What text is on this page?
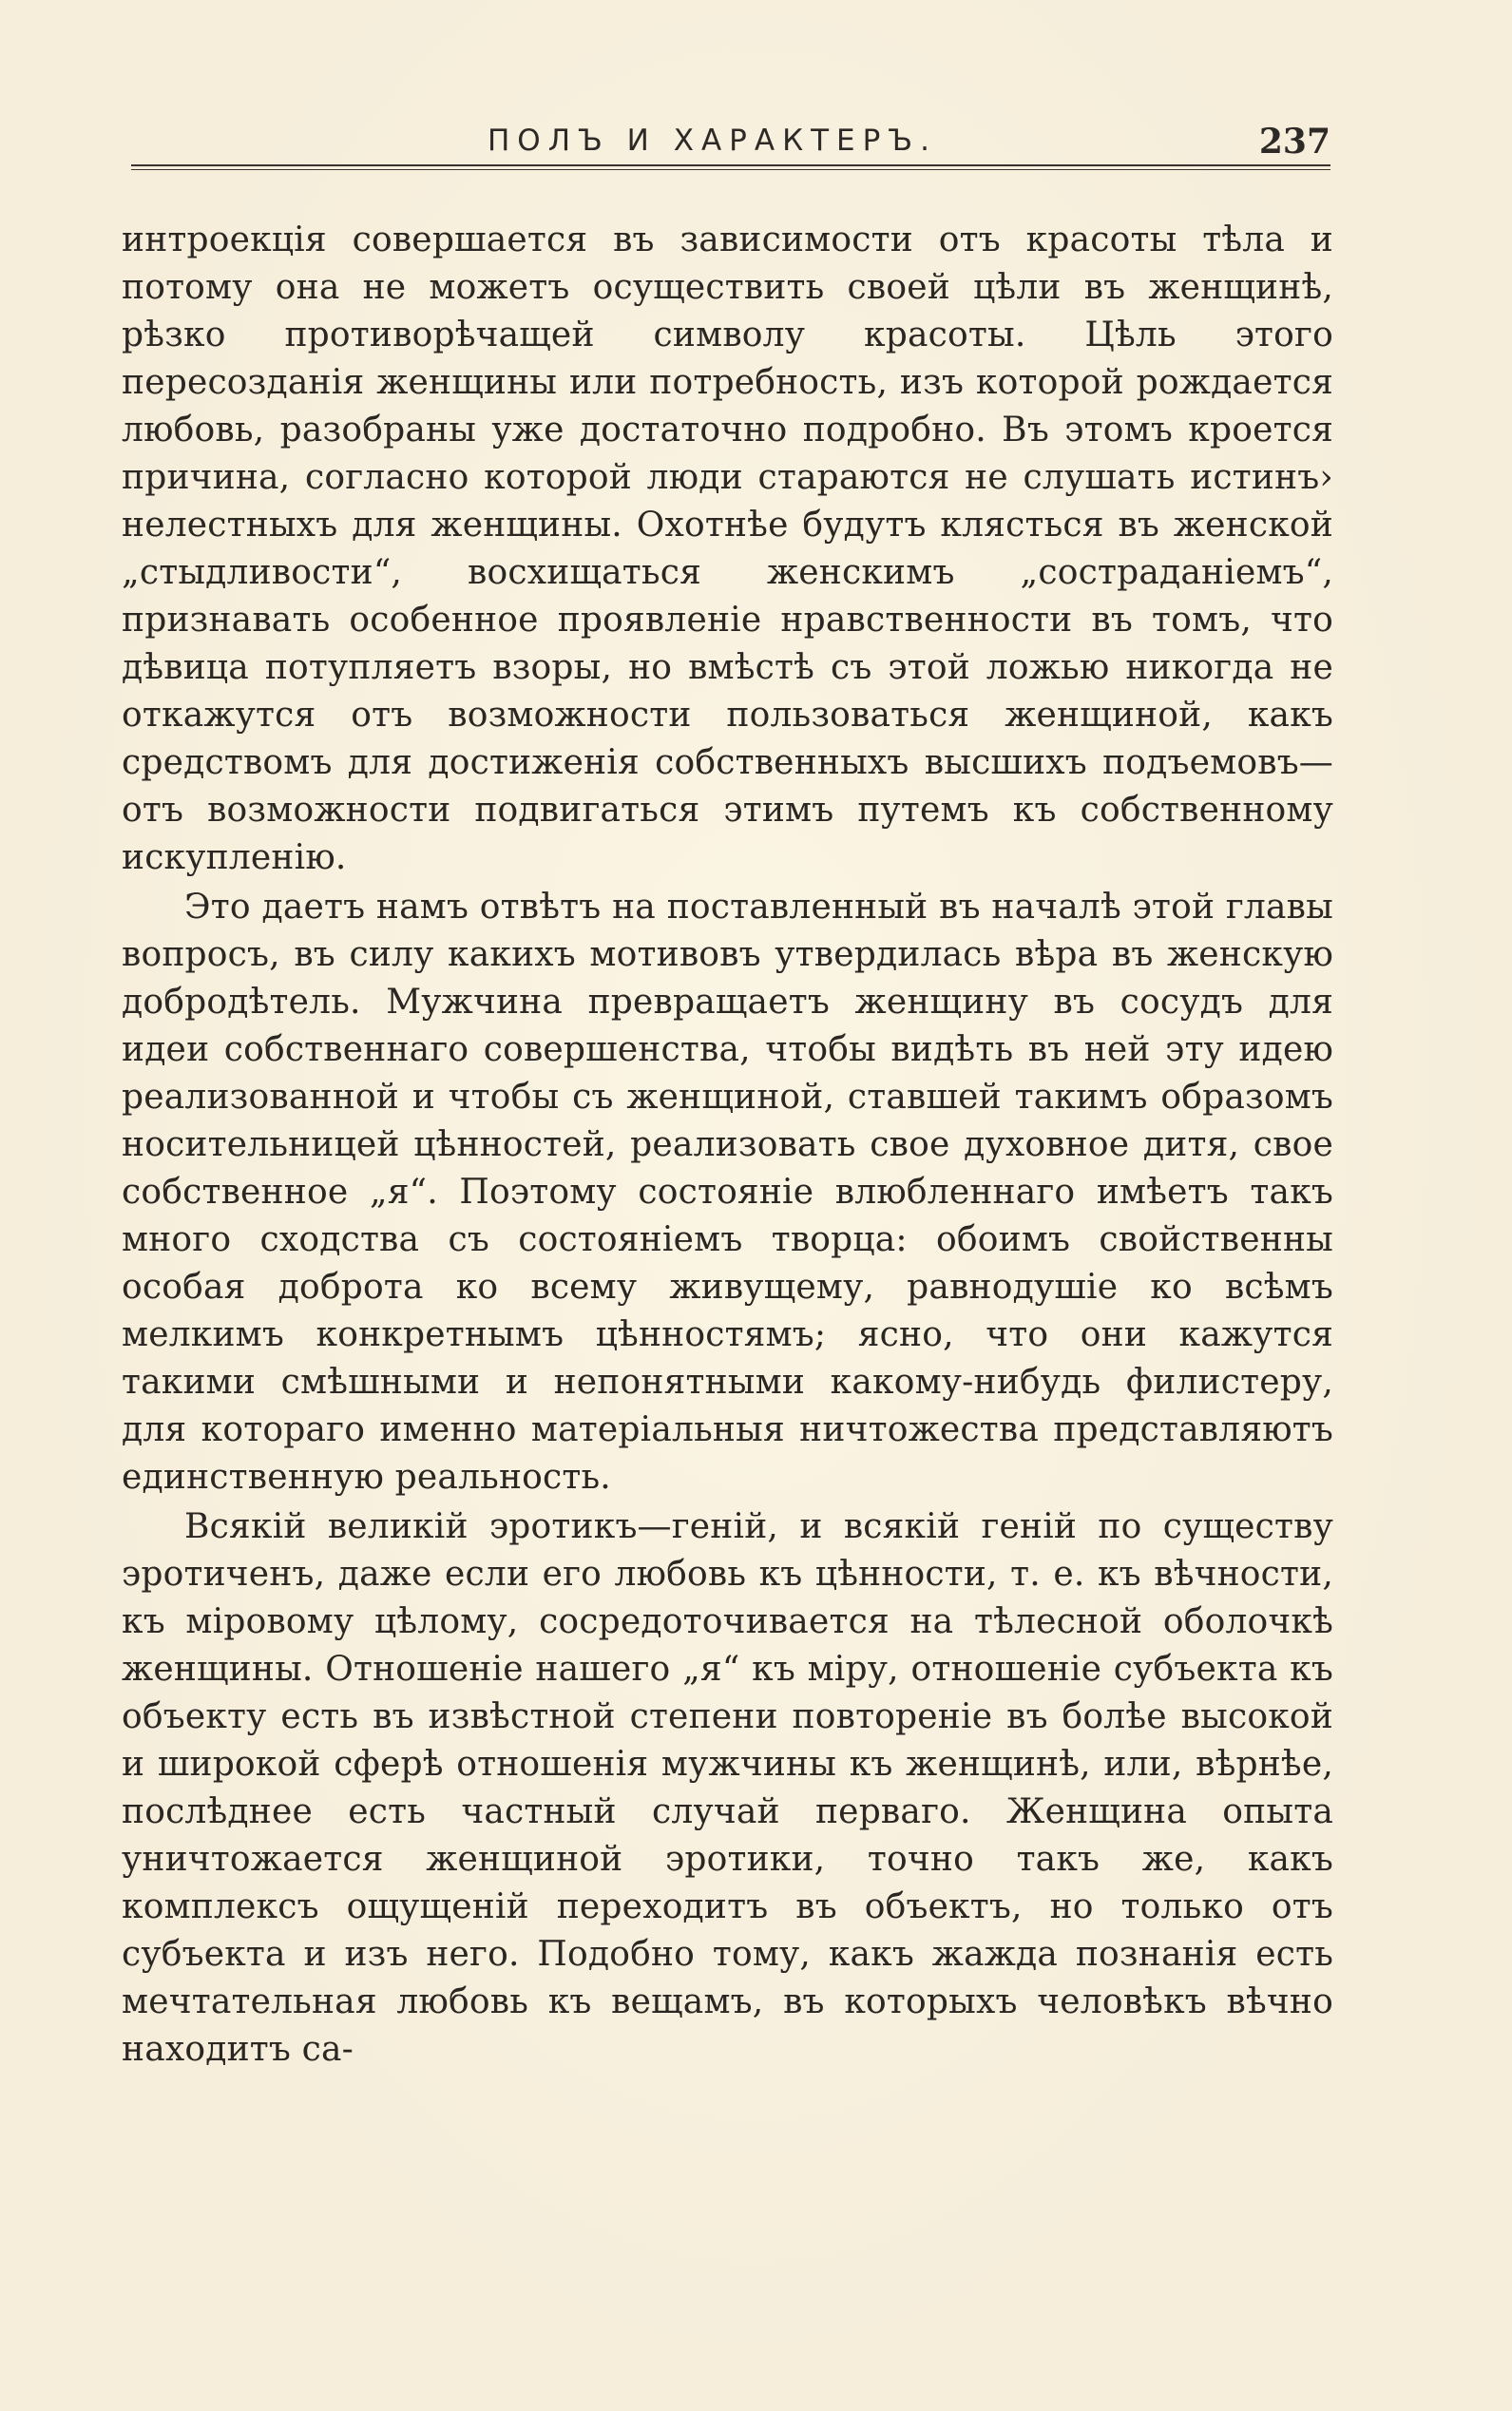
ПОЛЪ И ХАРАКТЕРЪ.	237

интроекція совершается въ зависимости отъ красоты тѣла и потому она не можетъ осуществить своей цѣли въ женщинѣ, рѣзко противорѣчащей символу красоты. Цѣль этого пересозданія женщины или потребность, изъ которой рождается любовь, разобраны уже достаточно подробно. Въ этомъ кроется причина, согласно которой люди стараются не слушать истинъ› нелестныхъ для женщины. Охотнѣе будутъ клясться въ женской „стыдливости“, восхищаться женскимъ „состраданіемъ“, признавать особенное проявленіе нравственности въ томъ, что дѣвица потупляетъ взоры, но вмѣстѣ съ этой ложью никогда не откажутся отъ возможности пользоваться женщиной, какъ средствомъ для достиженія собственныхъ высшихъ подъемовъ—отъ возможности подвигаться этимъ путемъ къ собственному искупленію.

Это даетъ намъ отвѣтъ на поставленный въ началѣ этой главы вопросъ, въ силу какихъ мотивовъ утвердилась вѣра въ женскую добродѣтель. Мужчина превращаетъ женщину въ сосудъ для идеи собственнаго совершенства, чтобы видѣть въ ней эту идею реализованной и чтобы съ женщиной, ставшей такимъ образомъ носительницей цѣнностей, реализовать свое духовное дитя, свое собственное „я“. Поэтому состояніе влюбленнаго имѣетъ такъ много сходства съ состояніемъ творца: обоимъ свойственны особая доброта ко всему живущему, равнодушіе ко всѣмъ мелкимъ конкретнымъ цѣнностямъ; ясно, что они кажутся такими смѣшными и непонятными какому-нибудь филистеру, для котораго именно матеріальныя ничтожества представляютъ единственную реальность.

Всякій великій эротикъ—геній, и всякій геній по существу эротиченъ, даже если его любовь къ цѣнности, т. е. къ вѣчности, къ міровому цѣлому, сосредоточивается на тѣлесной оболочкѣ женщины. Отношеніе нашего „я“ къ міру, отношеніе субъекта къ объекту есть въ извѣстной степени повтореніе въ болѣе высокой и широкой сферѣ отношенія мужчины къ женщинѣ, или, вѣрнѣе, послѣднее есть частный случай перваго. Женщина опыта уничтожается женщиной эротики, точно такъ же, какъ комплексъ ощущеній переходитъ въ объектъ, но только отъ субъекта и изъ него. Подобно тому, какъ жажда познанія есть мечтательная любовь къ вещамъ, въ которыхъ человѣкъ вѣчно находитъ са-
